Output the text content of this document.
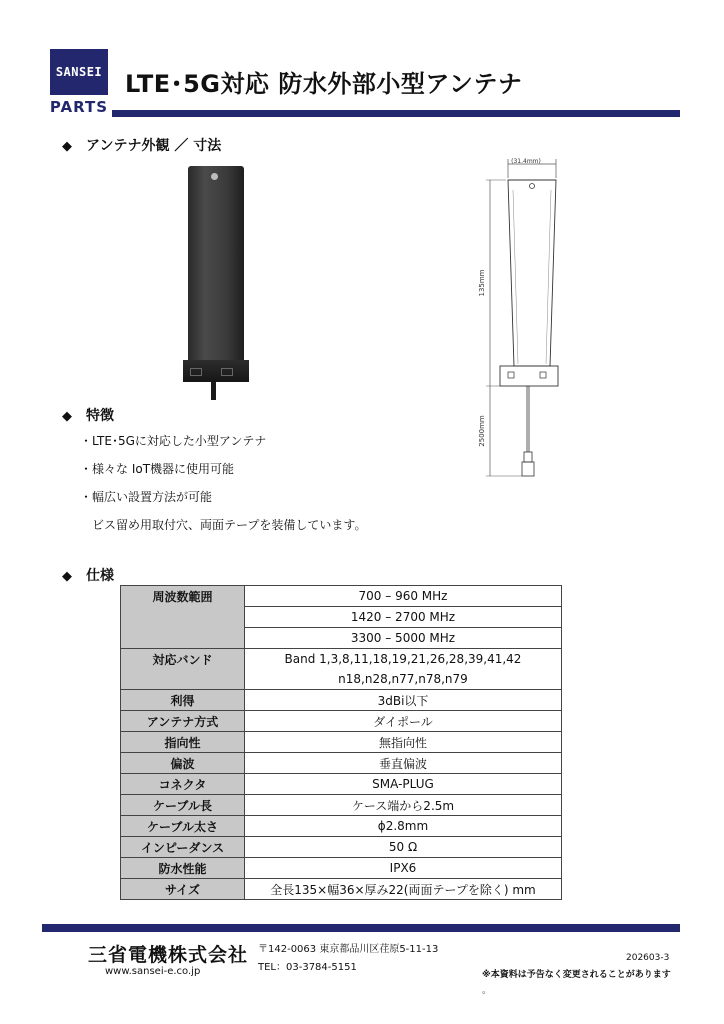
SANSEI
PARTS
LTE･5G対応 防水外部小型アンテナ
◆ アンテナ外観 ／ 寸法
(31.4mm)
135mm
2500mm
◆ 特徴
・LTE･5Gに対応した小型アンテナ
・様々な IoT機器に使用可能
・幅広い設置方法が可能
ビス留め用取付穴、両面テープを装備しています。
◆ 仕様
周波数範囲	700 – 960 MHz
	1420 – 2700 MHz
	3300 – 5000 MHz
対応バンド	Band 1,3,8,11,18,19,21,26,28,39,41,42
	n18,n28,n77,n78,n79
利得	3dBi以下
アンテナ方式	ダイポール
指向性	無指向性
偏波	垂直偏波
コネクタ	SMA-PLUG
ケーブル長	ケース端から2.5m
ケーブル太さ	ϕ2.8mm
インピーダンス	50 Ω
防水性能	IPX6
サイズ	全長135×幅36×厚み22(両面テープを除く) mm
三省電機株式会社
www.sansei-e.co.jp
〒142-0063 東京都品川区荏原5-11-13
TEL：03-3784-5151
202603-3
※本資料は予告なく変更されることがあります
。
